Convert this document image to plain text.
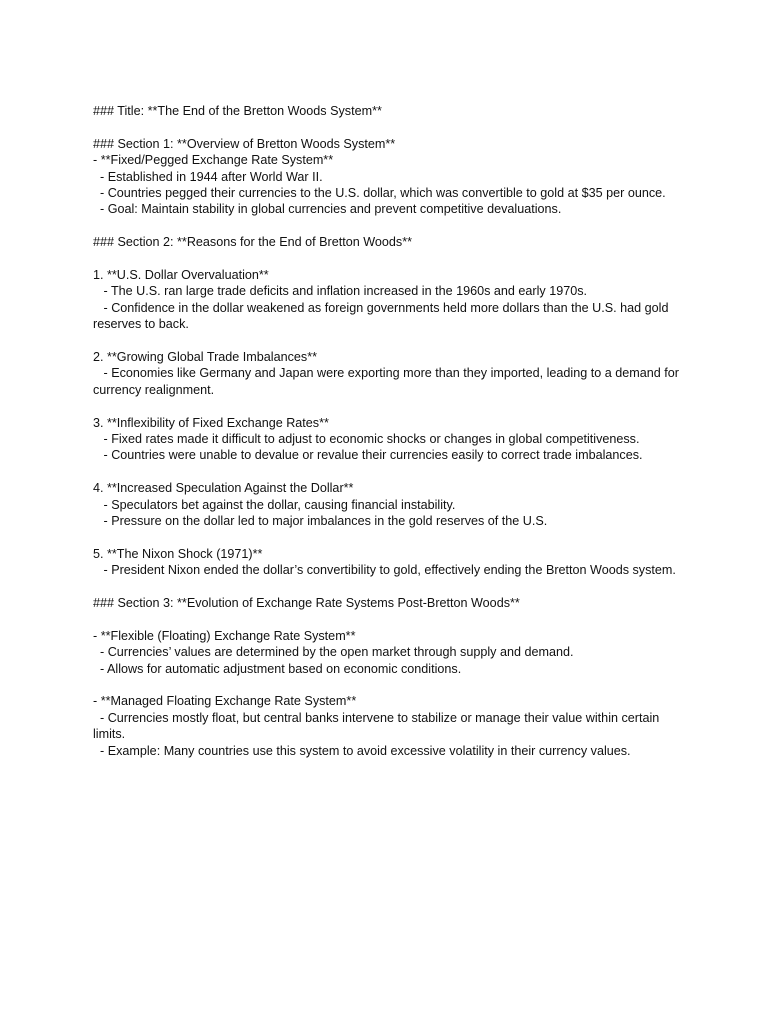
### Title: **The End of the Bretton Woods System**
### Section 1: **Overview of Bretton Woods System**
- **Fixed/Pegged Exchange Rate System**
- Established in 1944 after World War II.
- Countries pegged their currencies to the U.S. dollar, which was convertible to gold at $35 per ounce.
- Goal: Maintain stability in global currencies and prevent competitive devaluations.
### Section 2: **Reasons for the End of Bretton Woods**
1. **U.S. Dollar Overvaluation**
- The U.S. ran large trade deficits and inflation increased in the 1960s and early 1970s.
- Confidence in the dollar weakened as foreign governments held more dollars than the U.S. had gold reserves to back.
2. **Growing Global Trade Imbalances**
- Economies like Germany and Japan were exporting more than they imported, leading to a demand for currency realignment.
3. **Inflexibility of Fixed Exchange Rates**
- Fixed rates made it difficult to adjust to economic shocks or changes in global competitiveness.
- Countries were unable to devalue or revalue their currencies easily to correct trade imbalances.
4. **Increased Speculation Against the Dollar**
- Speculators bet against the dollar, causing financial instability.
- Pressure on the dollar led to major imbalances in the gold reserves of the U.S.
5. **The Nixon Shock (1971)**
- President Nixon ended the dollar’s convertibility to gold, effectively ending the Bretton Woods system.
### Section 3: **Evolution of Exchange Rate Systems Post-Bretton Woods**
- **Flexible (Floating) Exchange Rate System**
- Currencies’ values are determined by the open market through supply and demand.
- Allows for automatic adjustment based on economic conditions.
- **Managed Floating Exchange Rate System**
- Currencies mostly float, but central banks intervene to stabilize or manage their value within certain limits.
- Example: Many countries use this system to avoid excessive volatility in their currency values.
